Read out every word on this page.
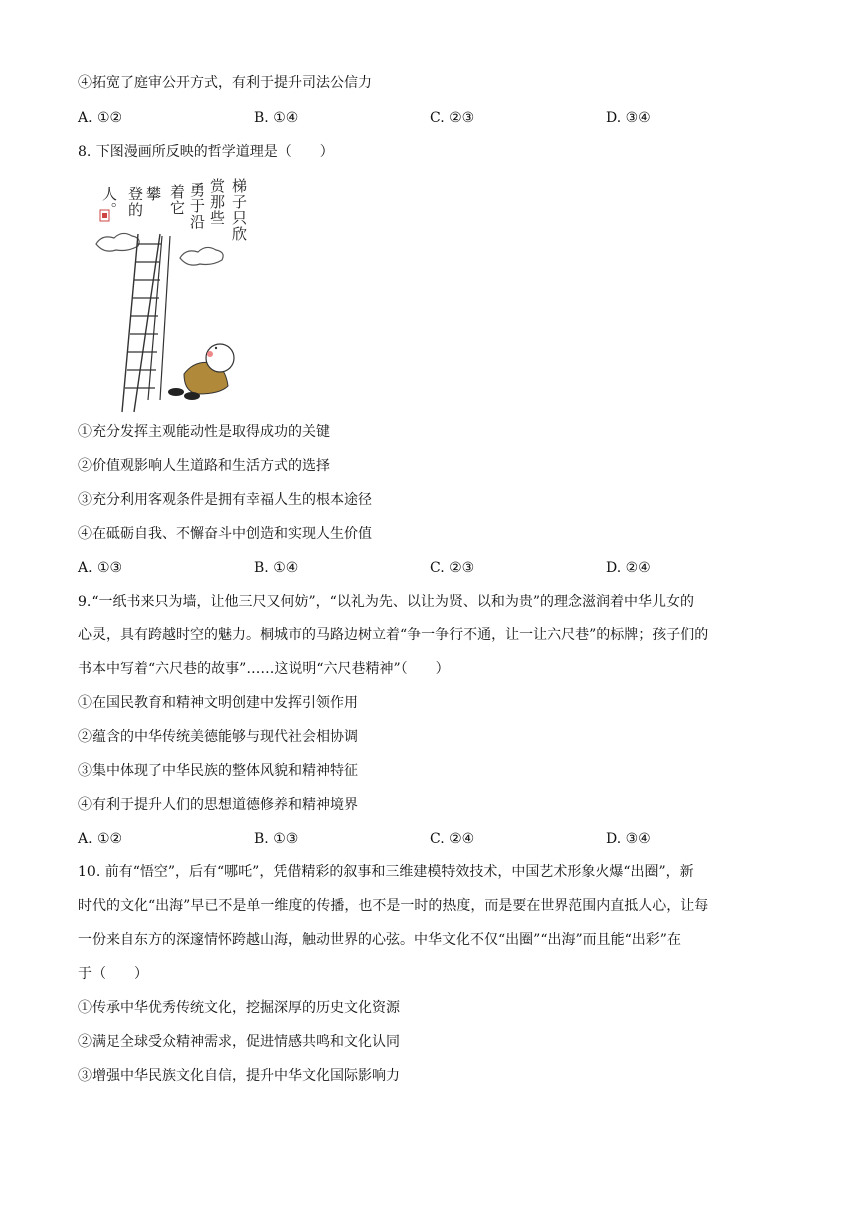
④拓宽了庭审公开方式，有利于提升司法公信力
A. ①②	B. ①④	C. ②③	D. ③④
8. 下图漫画所反映的哲学道理是（　　）
梯子只欣
赏那些
勇于沿
着它
攀
登的
人。
①充分发挥主观能动性是取得成功的关键
②价值观影响人生道路和生活方式的选择
③充分利用客观条件是拥有幸福人生的根本途径
④在砥砺自我、不懈奋斗中创造和实现人生价值
A. ①③	B. ①④	C. ②③	D. ②④
9.“一纸书来只为墙，让他三尺又何妨”，“以礼为先、以让为贤、以和为贵”的理念滋润着中华儿女的
心灵，具有跨越时空的魅力。桐城市的马路边树立着“争一争行不通，让一让六尺巷”的标牌；孩子们的
书本中写着“六尺巷的故事”……这说明“六尺巷精神”（　　）
①在国民教育和精神文明创建中发挥引领作用
②蕴含的中华传统美德能够与现代社会相协调
③集中体现了中华民族的整体风貌和精神特征
④有利于提升人们的思想道德修养和精神境界
A. ①②	B. ①③	C. ②④	D. ③④
10. 前有“悟空”，后有“哪吒”，凭借精彩的叙事和三维建模特效技术，中国艺术形象火爆“出圈”，新
时代的文化“出海”早已不是单一维度的传播，也不是一时的热度，而是要在世界范围内直抵人心，让每
一份来自东方的深邃情怀跨越山海，触动世界的心弦。中华文化不仅“出圈”“出海”而且能“出彩”在
于（　　）
①传承中华优秀传统文化，挖掘深厚的历史文化资源
②满足全球受众精神需求，促进情感共鸣和文化认同
③增强中华民族文化自信，提升中华文化国际影响力
